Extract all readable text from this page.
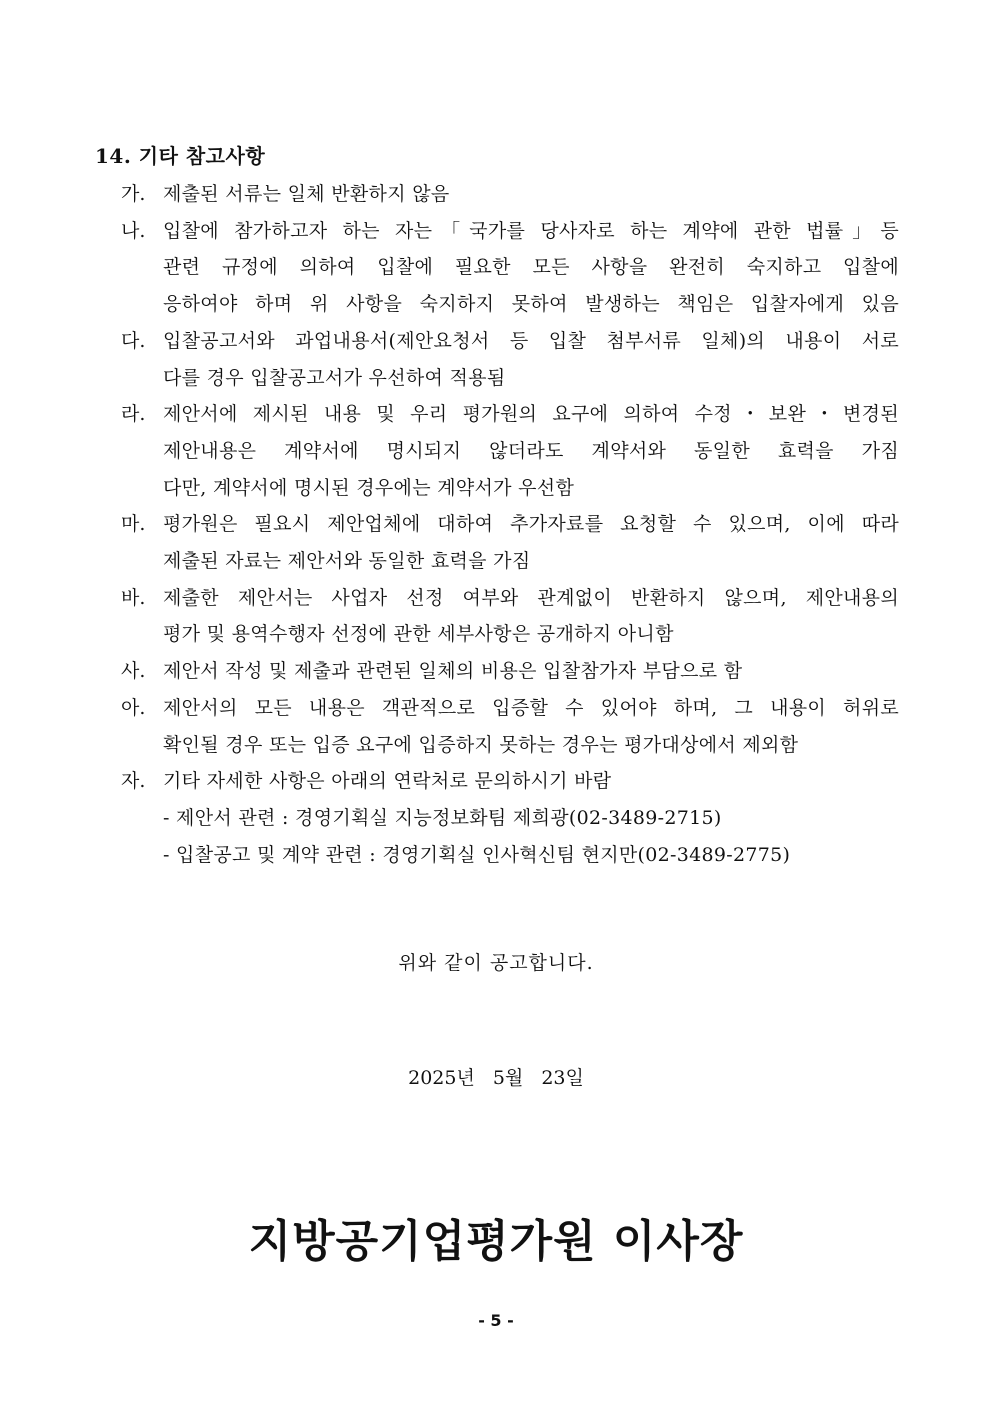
14. 기타 참고사항
가. 제출된 서류는 일체 반환하지 않음
나. 입찰에 참가하고자 하는 자는「국가를 당사자로 하는 계약에 관한 법률」등
관련 규정에 의하여 입찰에 필요한 모든 사항을 완전히 숙지하고 입찰에
응하여야 하며 위 사항을 숙지하지 못하여 발생하는 책임은 입찰자에게 있음
다. 입찰공고서와 과업내용서(제안요청서 등 입찰 첨부서류 일체)의 내용이 서로
다를 경우 입찰공고서가 우선하여 적용됨
라. 제안서에 제시된 내용 및 우리 평가원의 요구에 의하여 수정・보완・변경된
제안내용은 계약서에 명시되지 않더라도 계약서와 동일한 효력을 가짐
다만, 계약서에 명시된 경우에는 계약서가 우선함
마. 평가원은 필요시 제안업체에 대하여 추가자료를 요청할 수 있으며, 이에 따라
제출된 자료는 제안서와 동일한 효력을 가짐
바. 제출한 제안서는 사업자 선정 여부와 관계없이 반환하지 않으며, 제안내용의
평가 및 용역수행자 선정에 관한 세부사항은 공개하지 아니함
사. 제안서 작성 및 제출과 관련된 일체의 비용은 입찰참가자 부담으로 함
아. 제안서의 모든 내용은 객관적으로 입증할 수 있어야 하며, 그 내용이 허위로
확인될 경우 또는 입증 요구에 입증하지 못하는 경우는 평가대상에서 제외함
자. 기타 자세한 사항은 아래의 연락처로 문의하시기 바람
- 제안서 관련 : 경영기획실 지능정보화팀 제희광(02-3489-2715)
- 입찰공고 및 계약 관련 : 경영기획실 인사혁신팀 현지만(02-3489-2775)
위와 같이 공고합니다.
2025년 5월 23일
지방공기업평가원 이사장
- 5 -
